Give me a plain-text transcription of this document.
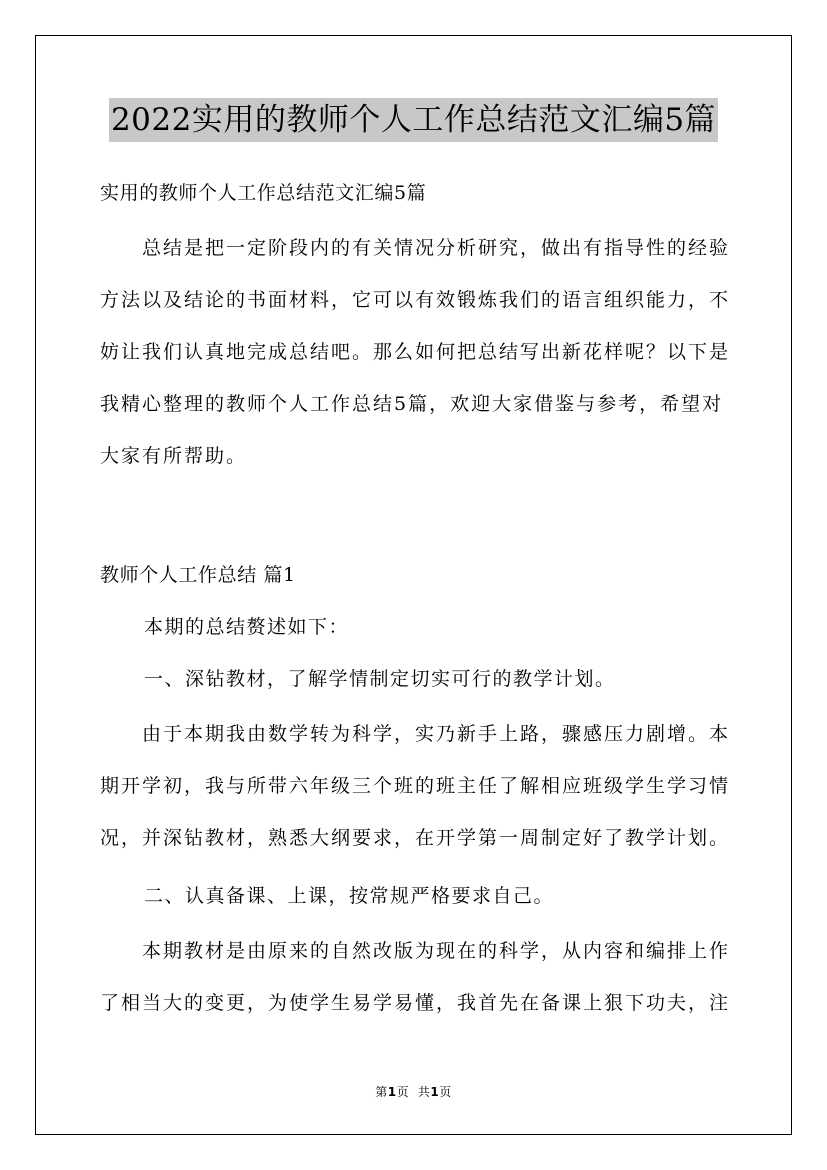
2022实用的教师个人工作总结范文汇编5篇
实用的教师个人工作总结范文汇编5篇
　　总结是把一定阶段内的有关情况分析研究，做出有指导性的经验
方法以及结论的书面材料，它可以有效锻炼我们的语言组织能力，不
妨让我们认真地完成总结吧。那么如何把总结写出新花样呢？以下是
我精心整理的教师个人工作总结5篇，欢迎大家借鉴与参考，希望对
大家有所帮助。
教师个人工作总结 篇1
本期的总结赘述如下：
一、深钻教材，了解学情制定切实可行的教学计划。
　　由于本期我由数学转为科学，实乃新手上路，骤感压力剧增。本
期开学初，我与所带六年级三个班的班主任了解相应班级学生学习情
况，并深钻教材，熟悉大纲要求，在开学第一周制定好了教学计划。
二、认真备课、上课，按常规严格要求自己。
　　本期教材是由原来的自然改版为现在的科学，从内容和编排上作
了相当大的变更，为使学生易学易懂，我首先在备课上狠下功夫，注
第1页 共1页
